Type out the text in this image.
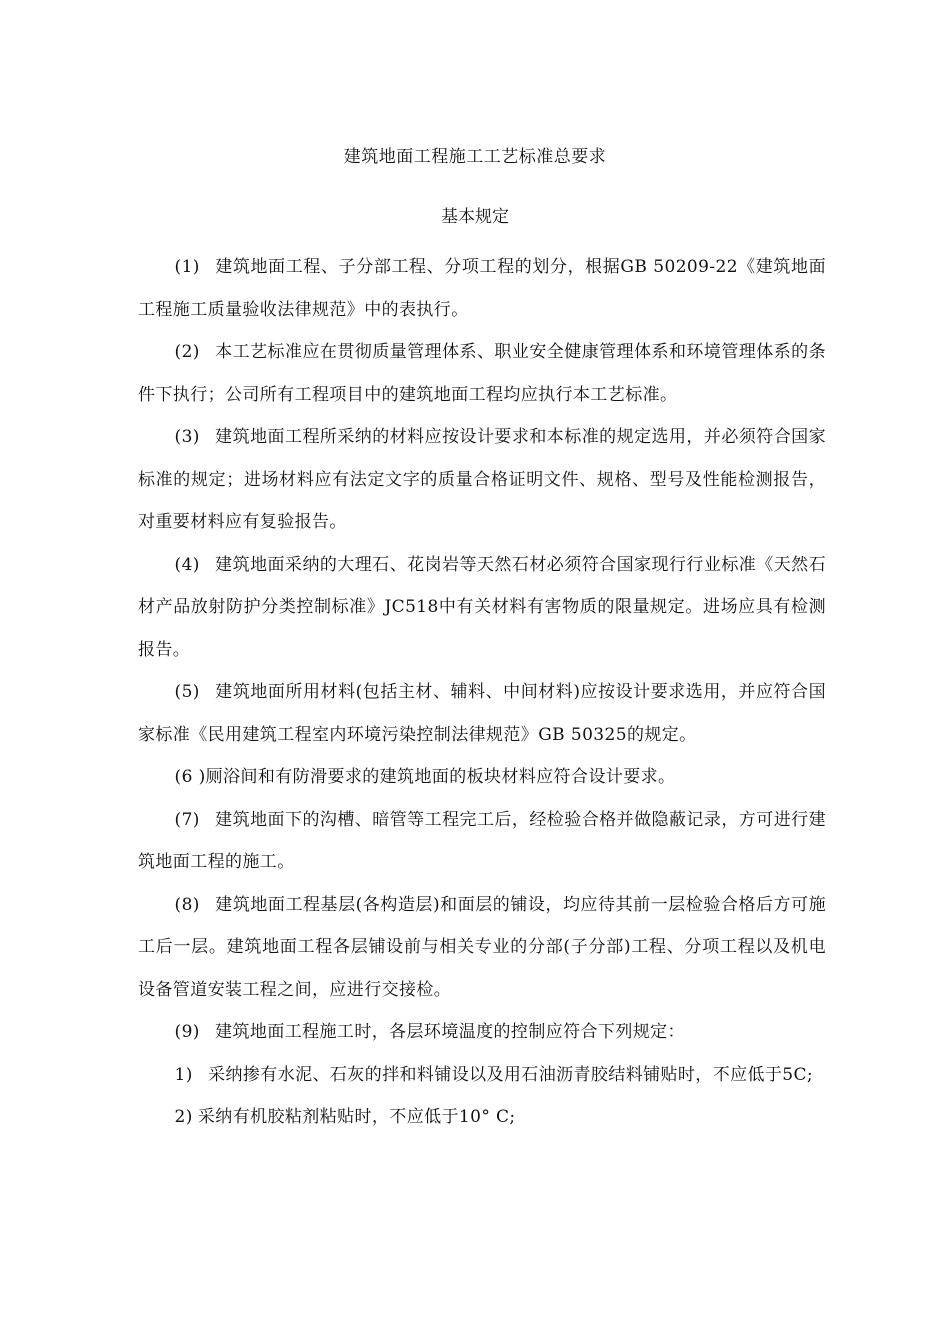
建筑地面工程施工工艺标准总要求
基本规定

(1) 建筑地面工程、子分部工程、分项工程的划分，根据GB 50209-22《建筑地面工程施工质量验收法律规范》中的表执行。

(2) 本工艺标准应在贯彻质量管理体系、职业安全健康管理体系和环境管理体系的条件下执行；公司所有工程项目中的建筑地面工程均应执行本工艺标准。

(3) 建筑地面工程所采纳的材料应按设计要求和本标准的规定选用，并必须符合国家标准的规定；进场材料应有法定文字的质量合格证明文件、规格、型号及性能检测报告，对重要材料应有复验报告。

(4) 建筑地面采纳的大理石、花岗岩等天然石材必须符合国家现行行业标准《天然石材产品放射防护分类控制标准》JC518中有关材料有害物质的限量规定。进场应具有检测报告。

(5) 建筑地面所用材料(包括主材、辅料、中间材料)应按设计要求选用，并应符合国家标准《民用建筑工程室内环境污染控制法律规范》GB 50325的规定。

(6 )厕浴间和有防滑要求的建筑地面的板块材料应符合设计要求。

(7) 建筑地面下的沟槽、暗管等工程完工后，经检验合格并做隐蔽记录，方可进行建筑地面工程的施工。

(8) 建筑地面工程基层(各构造层)和面层的铺设，均应待其前一层检验合格后方可施工后一层。建筑地面工程各层铺设前与相关专业的分部(子分部)工程、分项工程以及机电设备管道安装工程之间，应进行交接检。

(9) 建筑地面工程施工时，各层环境温度的控制应符合下列规定：

1) 采纳掺有水泥、石灰的拌和料铺设以及用石油沥青胶结料铺贴时，不应低于5C;

2) 采纳有机胶粘剂粘贴时，不应低于10° C;
